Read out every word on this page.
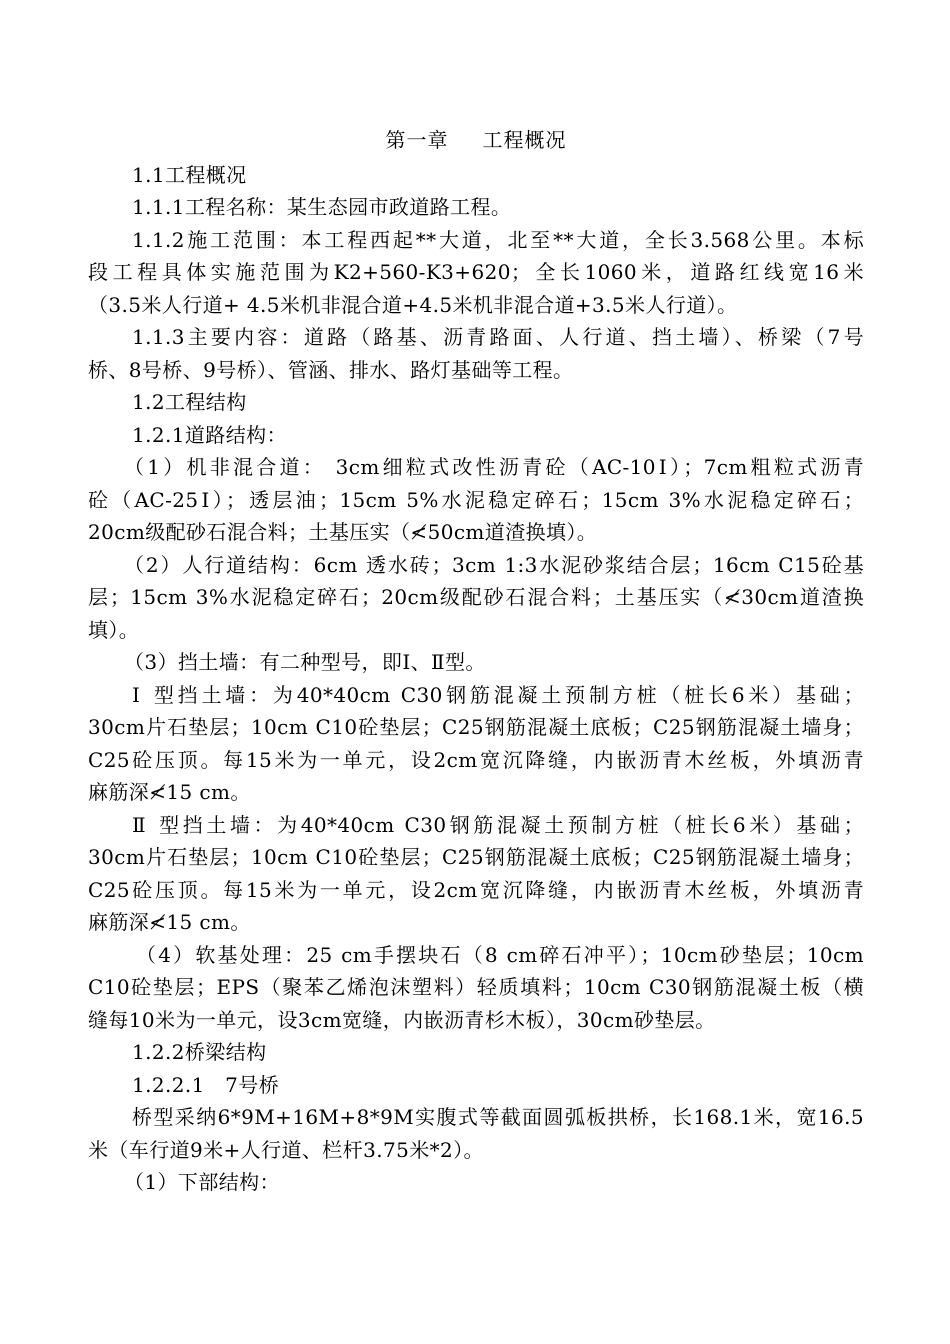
第一章 工程概况

1.1工程概况

1.1.1工程名称：某生态园市政道路工程。

1.1.2施工范围：本工程西起**大道，北至**大道，全长3.568公里。本标

段工程具体实施范围为K2+560-K3+620；全长1060米，道路红线宽16米

（3.5米人行道+ 4.5米机非混合道+4.5米机非混合道+3.5米人行道）。

1.1.3主要内容：道路（路基、沥青路面、人行道、挡土墙）、桥梁（7号

桥、8号桥、9号桥）、管涵、排水、路灯基础等工程。

1.2工程结构

1.2.1道路结构：

（1）机非混合道： 3cm细粒式改性沥青砼（AC-10Ⅰ）；7cm粗粒式沥青

砼（AC-25Ⅰ）；透层油；15cm 5%水泥稳定碎石；15cm 3%水泥稳定碎石；

20cm级配砂石混合料；土基压实（≮50cm道渣换填）。

（2）人行道结构：6cm 透水砖；3cm 1:3水泥砂浆结合层；16cm C15砼基

层；15cm 3%水泥稳定碎石；20cm级配砂石混合料；土基压实（≮30cm道渣换

填）。

（3）挡土墙：有二种型号，即Ⅰ、Ⅱ型。

Ⅰ 型挡土墙：为40*40cm C30钢筋混凝土预制方桩（桩长6米）基础；

30cm片石垫层；10cm C10砼垫层；C25钢筋混凝土底板；C25钢筋混凝土墙身；

C25砼压顶。每15米为一单元，设2cm宽沉降缝，内嵌沥青木丝板，外填沥青

麻筋深≮15 cm。

Ⅱ 型挡土墙：为40*40cm C30钢筋混凝土预制方桩（桩长6米）基础；

30cm片石垫层；10cm C10砼垫层；C25钢筋混凝土底板；C25钢筋混凝土墙身；

C25砼压顶。每15米为一单元，设2cm宽沉降缝，内嵌沥青木丝板，外填沥青

麻筋深≮15 cm。

（4）软基处理：25 cm手摆块石（8 cm碎石冲平）；10cm砂垫层；10cm

C10砼垫层；EPS（聚苯乙烯泡沫塑料）轻质填料；10cm C30钢筋混凝土板（横

缝每10米为一单元，设3cm宽缝，内嵌沥青杉木板），30cm砂垫层。

1.2.2桥梁结构

1.2.2.1　7号桥

桥型采纳6*9M+16M+8*9M实腹式等截面圆弧板拱桥，长168.1米，宽16.5

米（车行道9米+人行道、栏杆3.75米*2）。

（1）下部结构：
